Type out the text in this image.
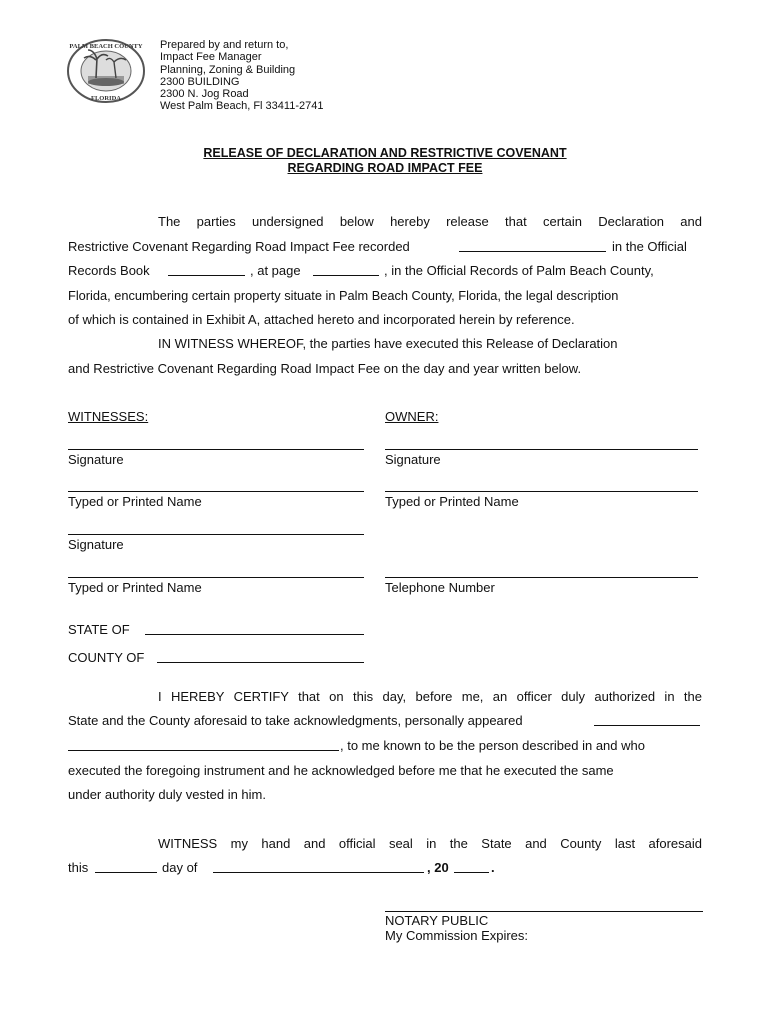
PALM BEACH COUNTY
FLORIDA
Prepared by and return to,
Impact Fee Manager
Planning, Zoning & Building
2300 BUILDING
2300 N. Jog Road
West Palm Beach, Fl 33411-2741
RELEASE OF DECLARATION AND RESTRICTIVE COVENANT
REGARDING ROAD IMPACT FEE
The parties undersigned below hereby release that certain Declaration and
Restrictive Covenant Regarding Road Impact Fee recorded	in the Official
Records Book	, at page	, in the Official Records of Palm Beach County,
Florida, encumbering certain property situate in Palm Beach County, Florida, the legal description
of which is contained in Exhibit A, attached hereto and incorporated herein by reference.
IN WITNESS WHEREOF, the parties have executed this Release of Declaration
and Restrictive Covenant Regarding Road Impact Fee on the day and year written below.
WITNESSES:	OWNER:
Signature	Signature
Typed or Printed Name	Typed or Printed Name
Signature
Typed or Printed Name	Telephone Number
STATE OF
COUNTY OF
I HEREBY CERTIFY that on this day, before me, an officer duly authorized in the
State and the County aforesaid to take acknowledgments, personally appeared
, to me known to be the person described in and who
executed the foregoing instrument and he acknowledged before me that he executed the same
under authority duly vested in him.
WITNESS my hand and official seal in the State and County last aforesaid
this	day of	, 20	.
NOTARY PUBLIC
My Commission Expires:
